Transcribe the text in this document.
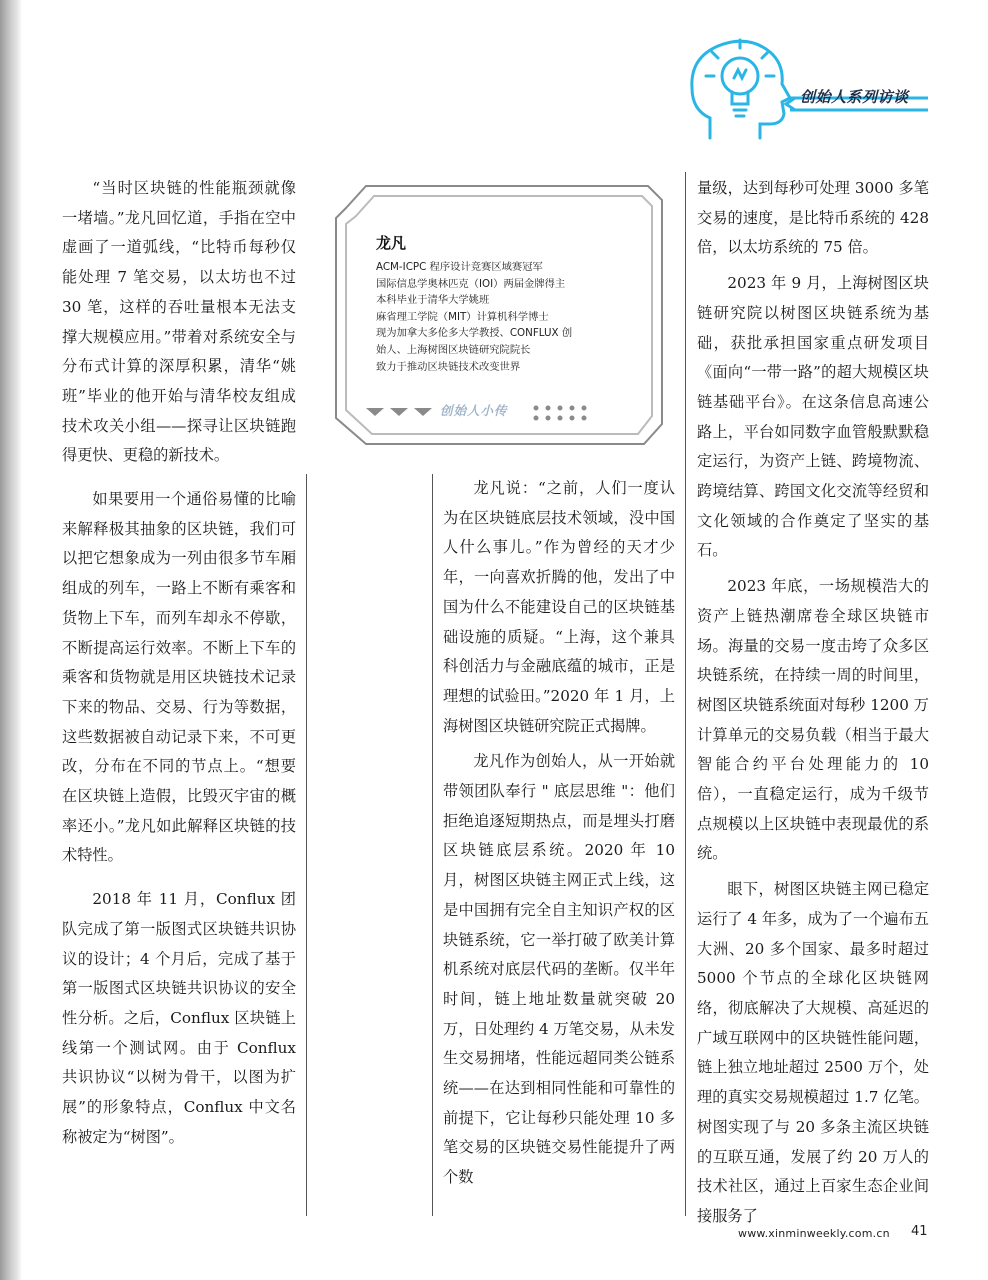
创始人系列访谈

“当时区块链的性能瓶颈就像一堵墙。”龙凡回忆道，手指在空中虚画了一道弧线，“比特币每秒仅能处理 7 笔交易，以太坊也不过 30 笔，这样的吞吐量根本无法支撑大规模应用。”带着对系统安全与分布式计算的深厚积累，清华“姚班”毕业的他开始与清华校友组成技术攻关小组——探寻让区块链跑得更快、更稳的新技术。

如果要用一个通俗易懂的比喻来解释极其抽象的区块链，我们可以把它想象成为一列由很多节车厢组成的列车，一路上不断有乘客和货物上下车，而列车却永不停歇，不断提高运行效率。不断上下车的乘客和货物就是用区块链技术记录下来的物品、交易、行为等数据，这些数据被自动记录下来，不可更改，分布在不同的节点上。“想要在区块链上造假，比毁灭宇宙的概率还小。”龙凡如此解释区块链的技术特性。

2018 年 11 月，Conflux 团队完成了第一版图式区块链共识协议的设计；4 个月后，完成了基于第一版图式区块链共识协议的安全性分析。之后，Conflux 区块链上线第一个测试网。由于 Conflux 共识协议“以树为骨干，以图为扩展”的形象特点，Conflux 中文名称被定为“树图”。

龙凡
ACM-ICPC 程序设计竞赛区域赛冠军
国际信息学奥林匹克（IOI）两届金牌得主
本科毕业于清华大学姚班
麻省理工学院（MIT）计算机科学博士
现为加拿大多伦多大学教授、CONFLUX 创
始人、上海树图区块链研究院院长
致力于推动区块链技术改变世界
创始人小传

龙凡说：“之前，人们一度认为在区块链底层技术领域，没中国人什么事儿。”作为曾经的天才少年，一向喜欢折腾的他，发出了中国为什么不能建设自己的区块链基础设施的质疑。“上海，这个兼具科创活力与金融底蕴的城市，正是理想的试验田。”2020 年 1 月，上海树图区块链研究院正式揭牌。

龙凡作为创始人，从一开始就带领团队奉行 " 底层思维 "：他们拒绝追逐短期热点，而是埋头打磨区块链底层系统。2020 年 10 月，树图区块链主网正式上线，这是中国拥有完全自主知识产权的区块链系统，它一举打破了欧美计算机系统对底层代码的垄断。仅半年时间，链上地址数量就突破 20 万，日处理约 4 万笔交易，从未发生交易拥堵，性能远超同类公链系统——在达到相同性能和可靠性的前提下，它让每秒只能处理 10 多笔交易的区块链交易性能提升了两个数

量级，达到每秒可处理 3000 多笔交易的速度，是比特币系统的 428 倍，以太坊系统的 75 倍。

2023 年 9 月，上海树图区块链研究院以树图区块链系统为基础，获批承担国家重点研发项目《面向“一带一路”的超大规模区块链基础平台》。在这条信息高速公路上，平台如同数字血管般默默稳定运行，为资产上链、跨境物流、跨境结算、跨国文化交流等经贸和文化领域的合作奠定了坚实的基石。

2023 年底，一场规模浩大的资产上链热潮席卷全球区块链市场。海量的交易一度击垮了众多区块链系统，在持续一周的时间里，树图区块链系统面对每秒 1200 万计算单元的交易负载（相当于最大智能合约平台处理能力的 10 倍），一直稳定运行，成为千级节点规模以上区块链中表现最优的系统。

眼下，树图区块链主网已稳定运行了 4 年多，成为了一个遍布五大洲、20 多个国家、最多时超过 5000 个节点的全球化区块链网络，彻底解决了大规模、高延迟的广域互联网中的区块链性能问题，链上独立地址超过 2500 万个，处理的真实交易规模超过 1.7 亿笔。树图实现了与 20 多条主流区块链的互联互通，发展了约 20 万人的技术社区，通过上百家生态企业间接服务了

www.xinminweekly.com.cn 41
